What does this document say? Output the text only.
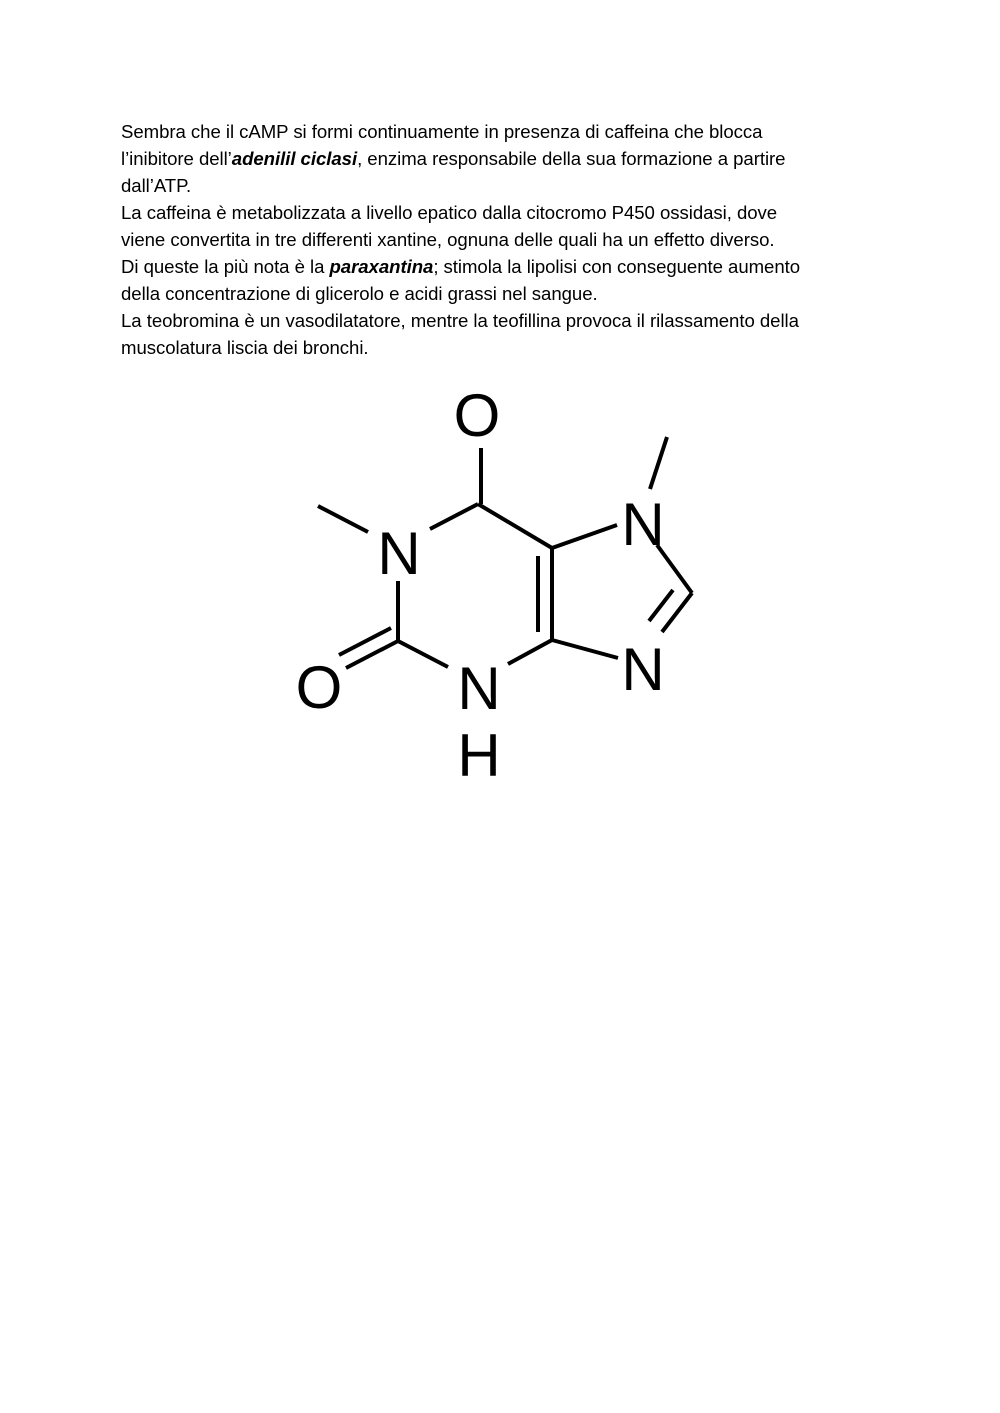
Sembra che il cAMP si formi continuamente in presenza di caffeina che blocca

l’inibitore dell’adenilil ciclasi, enzima responsabile della sua formazione a partire

dall’ATP.

La caffeina è metabolizzata a livello epatico dalla citocromo P450 ossidasi, dove

viene convertita in tre differenti xantine, ognuna delle quali ha un effetto diverso.

Di queste la più nota è la paraxantina; stimola la lipolisi con conseguente aumento

della concentrazione di glicerolo e acidi grassi nel sangue.

La teobromina è un vasodilatatore, mentre la teofillina provoca il rilassamento della

muscolatura liscia dei bronchi.

O
N	N
N
O N
H
